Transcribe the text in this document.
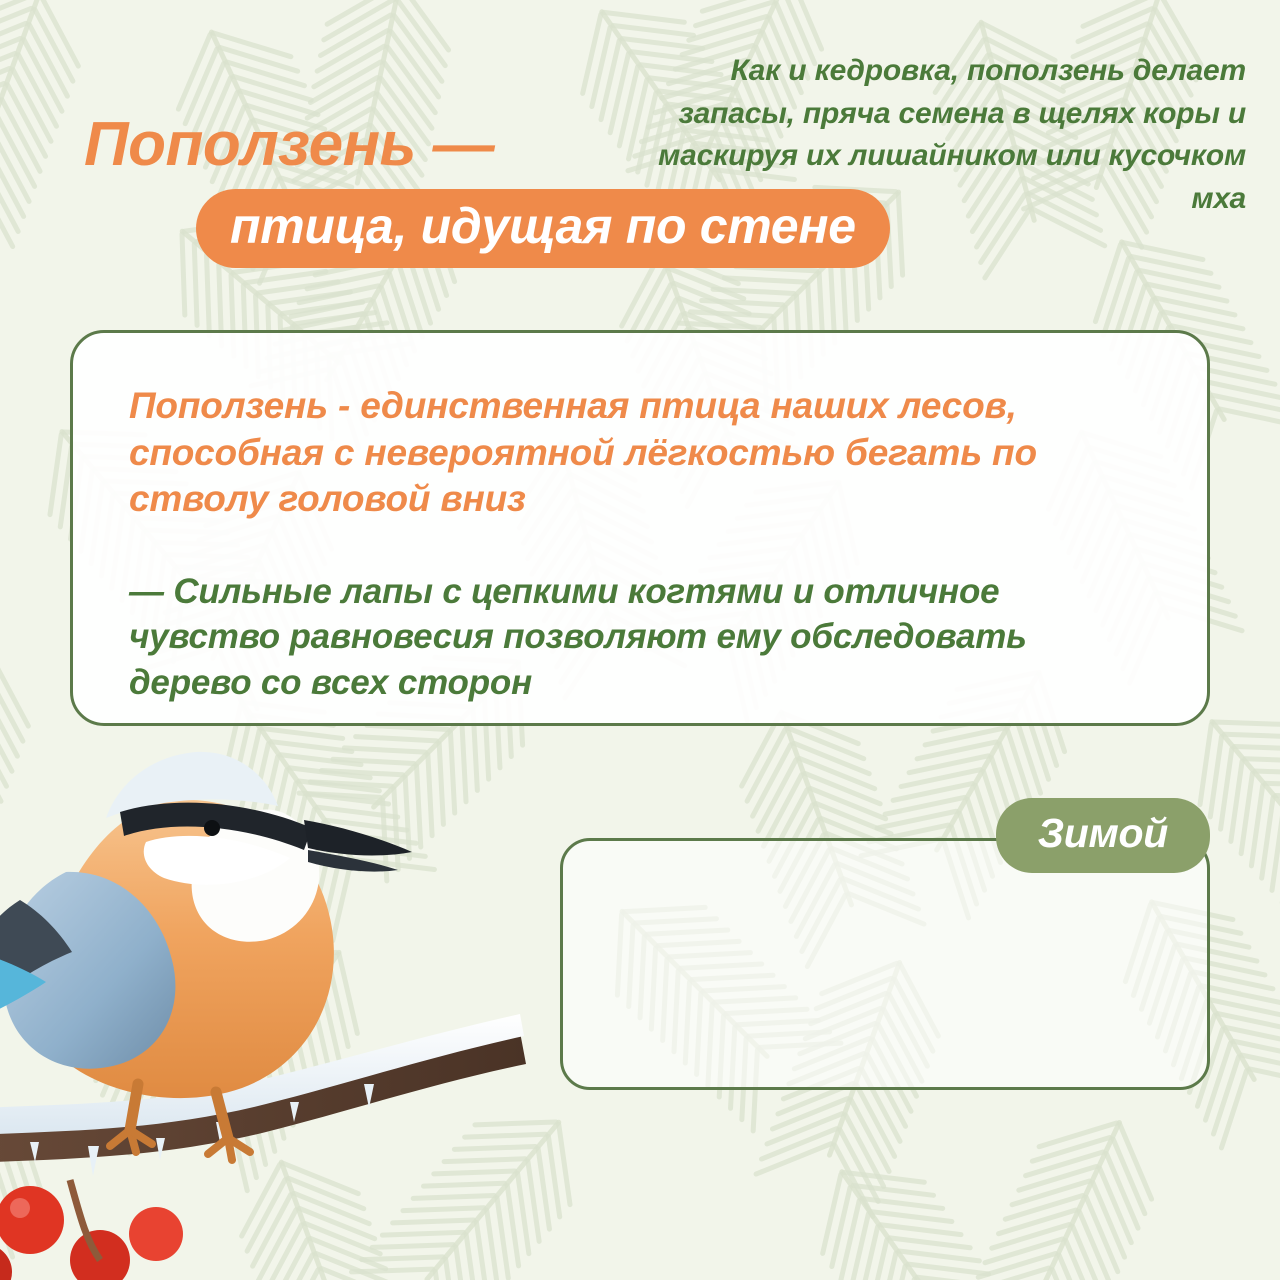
Поползень —
птица, идущая по стене

Поползень - единственная птица наших лесов, способная с невероятной лёгкостью бегать по стволу головой вниз

— Сильные лапы с цепкими когтями и отличное чувство равновесия позволяют ему обследовать дерево со всех сторон

Как и кедровка, поползень делает запасы, пряча семена в щелях коры и маскируя их лишайником или кусочком мха
Зимой
